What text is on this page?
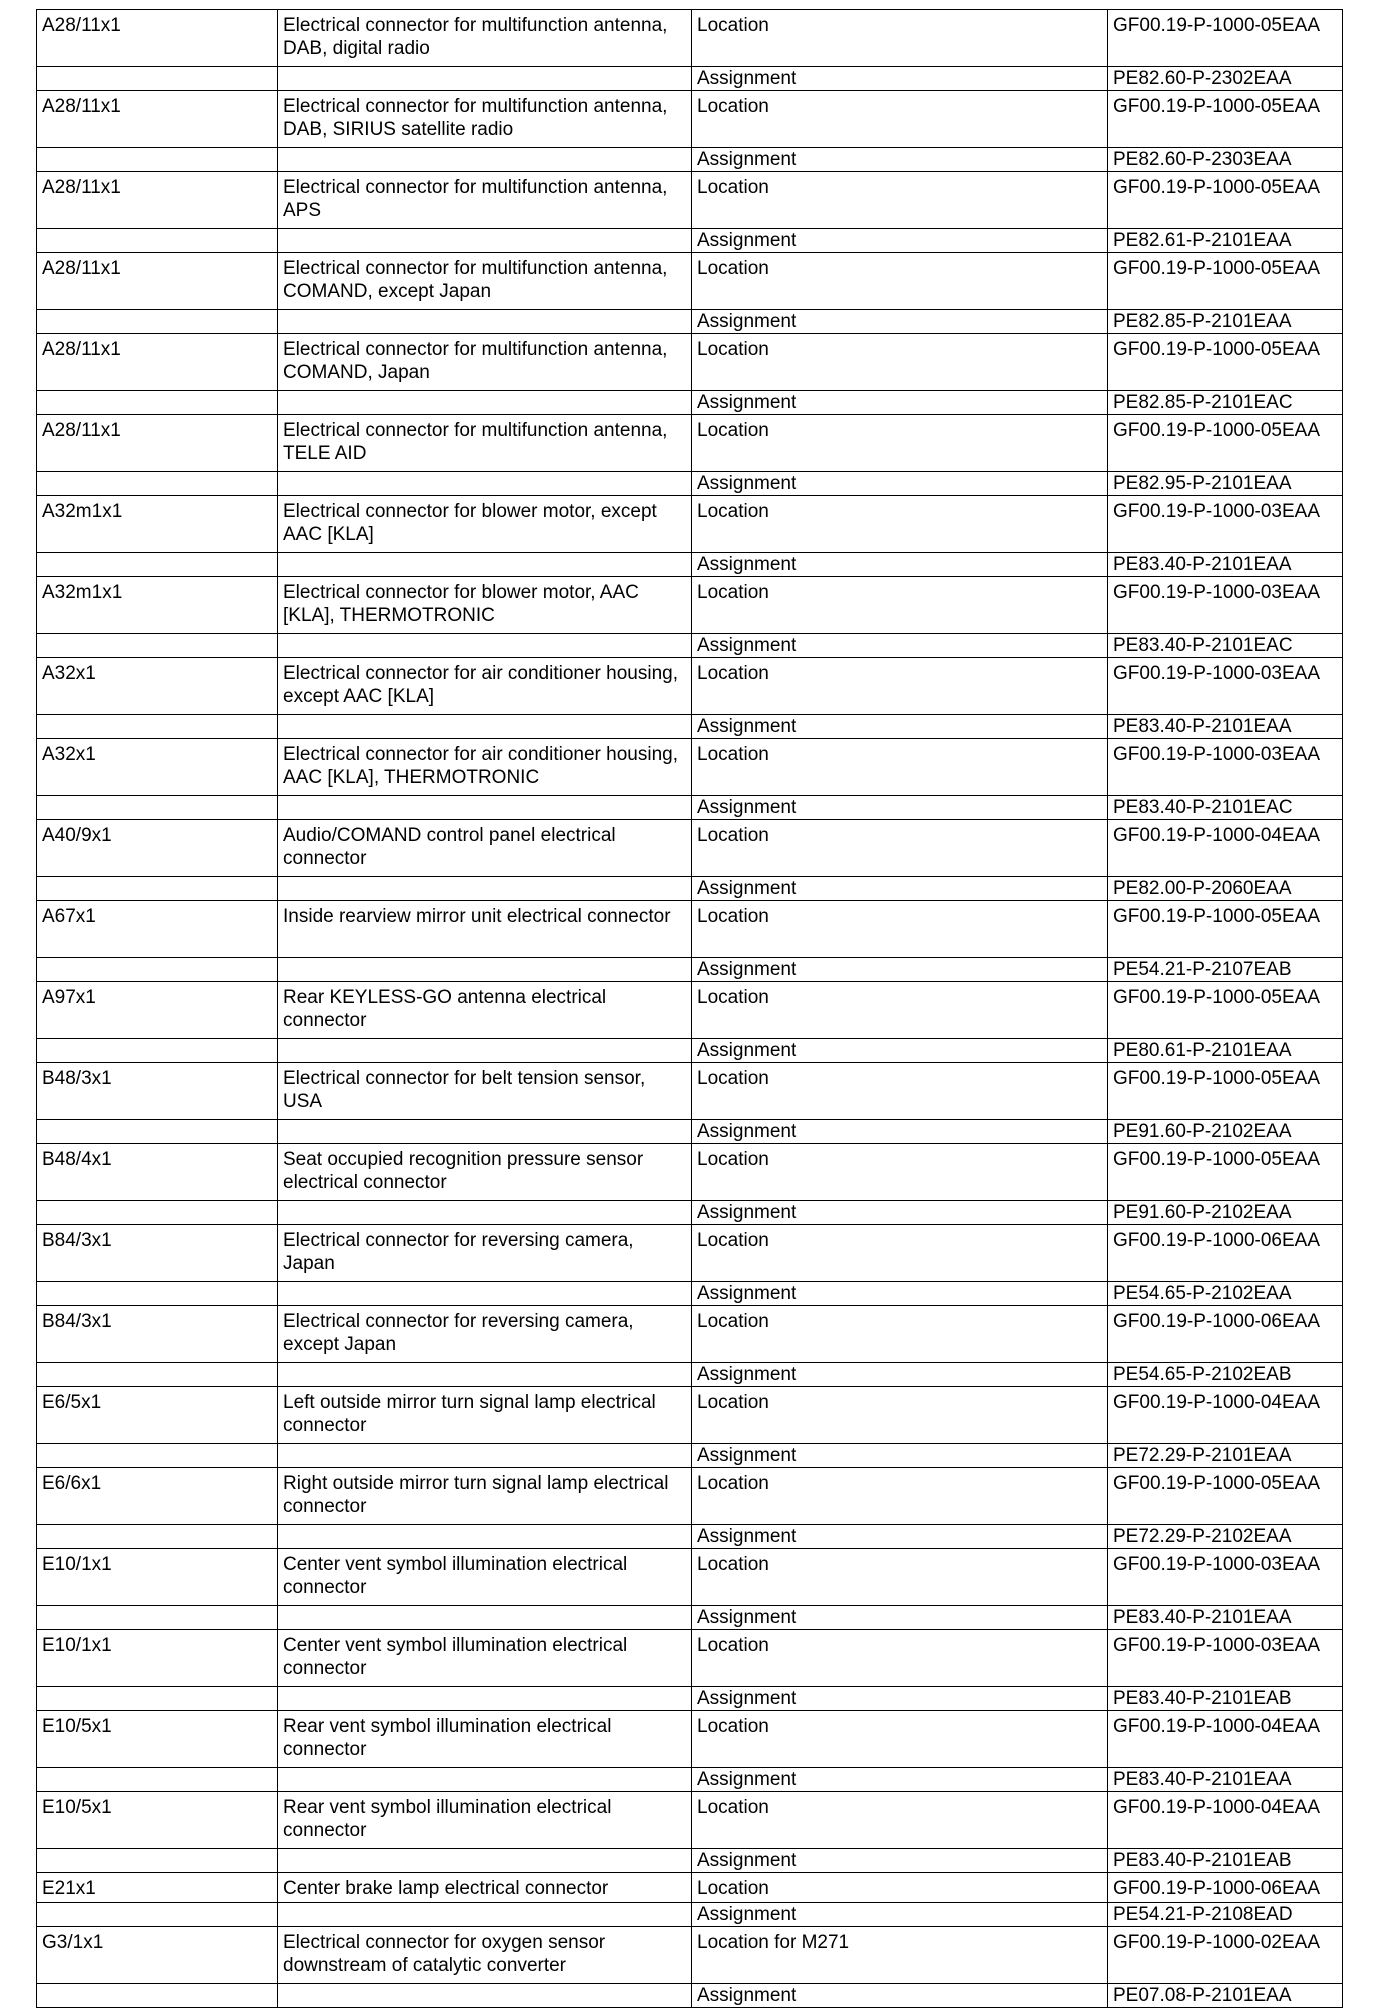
A28/11x1	Electrical connector for multifunction antenna, DAB, digital radio	Location	GF00.19-P-1000-05EAA
		Assignment	PE82.60-P-2302EAA
A28/11x1	Electrical connector for multifunction antenna, DAB, SIRIUS satellite radio	Location	GF00.19-P-1000-05EAA
		Assignment	PE82.60-P-2303EAA
A28/11x1	Electrical connector for multifunction antenna, APS	Location	GF00.19-P-1000-05EAA
		Assignment	PE82.61-P-2101EAA
A28/11x1	Electrical connector for multifunction antenna, COMAND, except Japan	Location	GF00.19-P-1000-05EAA
		Assignment	PE82.85-P-2101EAA
A28/11x1	Electrical connector for multifunction antenna, COMAND, Japan	Location	GF00.19-P-1000-05EAA
		Assignment	PE82.85-P-2101EAC
A28/11x1	Electrical connector for multifunction antenna, TELE AID	Location	GF00.19-P-1000-05EAA
		Assignment	PE82.95-P-2101EAA
A32m1x1	Electrical connector for blower motor, except AAC [KLA]	Location	GF00.19-P-1000-03EAA
		Assignment	PE83.40-P-2101EAA
A32m1x1	Electrical connector for blower motor, AAC [KLA], THERMOTRONIC	Location	GF00.19-P-1000-03EAA
		Assignment	PE83.40-P-2101EAC
A32x1	Electrical connector for air conditioner housing, except AAC [KLA]	Location	GF00.19-P-1000-03EAA
		Assignment	PE83.40-P-2101EAA
A32x1	Electrical connector for air conditioner housing, AAC [KLA], THERMOTRONIC	Location	GF00.19-P-1000-03EAA
		Assignment	PE83.40-P-2101EAC
A40/9x1	Audio/COMAND control panel electrical connector	Location	GF00.19-P-1000-04EAA
		Assignment	PE82.00-P-2060EAA
A67x1	Inside rearview mirror unit electrical connector	Location	GF00.19-P-1000-05EAA
		Assignment	PE54.21-P-2107EAB
A97x1	Rear KEYLESS-GO antenna electrical connector	Location	GF00.19-P-1000-05EAA
		Assignment	PE80.61-P-2101EAA
B48/3x1	Electrical connector for belt tension sensor, USA	Location	GF00.19-P-1000-05EAA
		Assignment	PE91.60-P-2102EAA
B48/4x1	Seat occupied recognition pressure sensor electrical connector	Location	GF00.19-P-1000-05EAA
		Assignment	PE91.60-P-2102EAA
B84/3x1	Electrical connector for reversing camera, Japan	Location	GF00.19-P-1000-06EAA
		Assignment	PE54.65-P-2102EAA
B84/3x1	Electrical connector for reversing camera, except Japan	Location	GF00.19-P-1000-06EAA
		Assignment	PE54.65-P-2102EAB
E6/5x1	Left outside mirror turn signal lamp electrical connector	Location	GF00.19-P-1000-04EAA
		Assignment	PE72.29-P-2101EAA
E6/6x1	Right outside mirror turn signal lamp electrical connector	Location	GF00.19-P-1000-05EAA
		Assignment	PE72.29-P-2102EAA
E10/1x1	Center vent symbol illumination electrical connector	Location	GF00.19-P-1000-03EAA
		Assignment	PE83.40-P-2101EAA
E10/1x1	Center vent symbol illumination electrical connector	Location	GF00.19-P-1000-03EAA
		Assignment	PE83.40-P-2101EAB
E10/5x1	Rear vent symbol illumination electrical connector	Location	GF00.19-P-1000-04EAA
		Assignment	PE83.40-P-2101EAA
E10/5x1	Rear vent symbol illumination electrical connector	Location	GF00.19-P-1000-04EAA
		Assignment	PE83.40-P-2101EAB
E21x1	Center brake lamp electrical connector	Location	GF00.19-P-1000-06EAA
		Assignment	PE54.21-P-2108EAD
G3/1x1	Electrical connector for oxygen sensor downstream of catalytic converter	Location for M271	GF00.19-P-1000-02EAA
		Assignment	PE07.08-P-2101EAA
